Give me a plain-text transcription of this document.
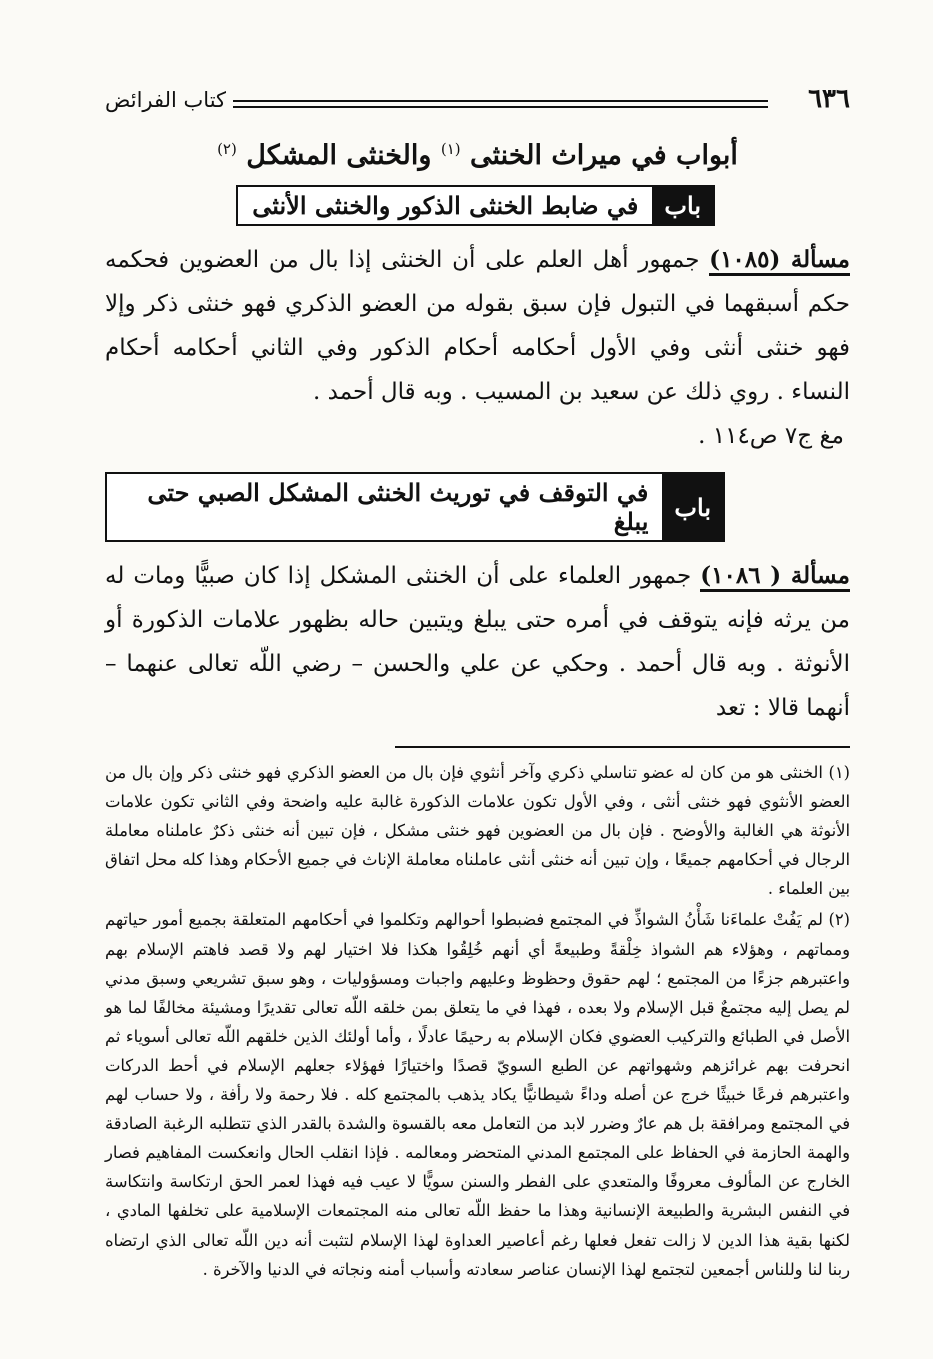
٦٣٦
كتاب الفرائض
أبواب في ميراث الخنثى $^{(١)}$ والخنثى المشكل $^{(٢)}$
باب
في ضابط الخنثى الذكور والخنثى الأنثى

مسألة (١٠٨٥) جمهور أهل العلم على أن الخنثى إذا بال من العضوين فحكمه حكم أسبقهما في التبول فإن سبق بقوله من العضو الذكري فهو خنثى ذكر وإلا فهو خنثى أنثى وفي الأول أحكامه أحكام الذكور وفي الثاني أحكامه أحكام النساء . روي ذلك عن سعيد بن المسيب . وبه قال أحمد .

مغ ج٧ ص١١٤ .

باب
في التوقف في توريث الخنثى المشكل الصبي حتى يبلغ

مسألة ( ١٠٨٦) جمهور العلماء على أن الخنثى المشكل إذا كان صبيًّا ومات له من يرثه فإنه يتوقف في أمره حتى يبلغ ويتبين حاله بظهور علامات الذكورة أو الأنوثة . وبه قال أحمد . وحكي عن علي والحسن – رضي اللّه تعالى عنهما – أنهما قالا : تعد

(١) الخنثى هو من كان له عضو تناسلي ذكري وآخر أنثوي فإن بال من العضو الذكري فهو خنثى ذكر وإن بال من العضو الأنثوي فهو خنثى أنثى ، وفي الأول تكون علامات الذكورة غالبة عليه واضحة وفي الثاني تكون علامات الأنوثة هي الغالبة والأوضح . فإن بال من العضوين فهو خنثى مشكل ، فإن تبين أنه خنثى ذكرٌ عاملناه معاملة الرجال في أحكامهم جميعًا ، وإن تبين أنه خنثى أنثى عاملناه معاملة الإناث في جميع الأحكام وهذا كله محل اتفاق بين العلماء .

(٢) لم يَفُتْ علماءَنا شَأْنُ الشواذِّ في المجتمع فضبطوا أحوالهم وتكلموا في أحكامهم المتعلقة بجميع أمور حياتهم ومماتهم ، وهؤلاء هم الشواذ خِلْقةً وطبيعةً أي أنهم خُلِقُوا هكذا فلا اختيار لهم ولا قصد فاهتم الإسلام بهم واعتبرهم جزءًا من المجتمع ؛ لهم حقوق وحظوظ وعليهم واجبات ومسؤوليات ، وهو سبق تشريعي وسبق مدني لم يصل إليه مجتمعٌ قبل الإسلام ولا بعده ، فهذا في ما يتعلق بمن خلقه اللّه تعالى تقديرًا ومشيئة مخالفًا لما هو الأصل في الطبائع والتركيب العضوي فكان الإسلام به رحيمًا عادلًا ، وأما أولئك الذين خلقهم اللّه تعالى أسوياء ثم انحرفت بهم غرائزهم وشهواتهم عن الطبع السويّ قصدًا واختيارًا فهؤلاء جعلهم الإسلام في أحط الدركات واعتبرهم فرعًا خبيثًا خرج عن أصله وداءً شيطانيًّا يكاد يذهب بالمجتمع كله . فلا رحمة ولا رأفة ، ولا حساب لهم في المجتمع ومرافقة بل هم عارٌ وضرر لابد من التعامل معه بالقسوة والشدة بالقدر الذي تتطلبه الرغبة الصادقة والهمة الحازمة في الحفاظ على المجتمع المدني المتحضر ومعالمه . فإذا انقلب الحال وانعكست المفاهيم فصار الخارج عن المألوف معروفًا والمتعدي على الفطر والسنن سويًّا لا عيب فيه فهذا لعمر الحق ارتكاسة وانتكاسة في النفس البشرية والطبيعة الإنسانية وهذا ما حفظ اللّه تعالى منه المجتمعات الإسلامية على تخلفها المادي ، لكنها بقية هذا الدين لا زالت تفعل فعلها رغم أعاصير العداوة لهذا الإسلام لتثبت أنه دين اللّه تعالى الذي ارتضاه ربنا لنا وللناس أجمعين لتجتمع لهذا الإنسان عناصر سعادته وأسباب أمنه ونجاته في الدنيا والآخرة .
